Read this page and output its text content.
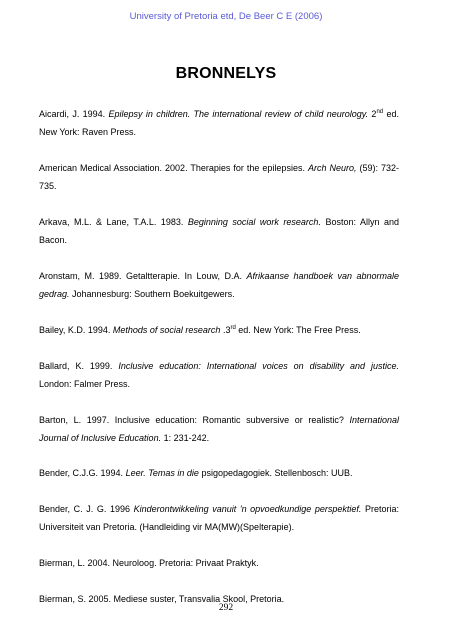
University of Pretoria etd, De Beer C E (2006)
BRONNELYS
Aicardi, J. 1994. Epilepsy in children. The international review of child neurology. 2nd ed. New York: Raven Press.
American Medical Association. 2002. Therapies for the epilepsies. Arch Neuro, (59): 732-735.
Arkava, M.L. & Lane, T.A.L. 1983. Beginning social work research. Boston: Allyn and Bacon.
Aronstam, M. 1989. Getaltterapie. In Louw, D.A. Afrikaanse handboek van abnormale gedrag. Johannesburg: Southern Boekuitgewers.
Bailey, K.D. 1994. Methods of social research .3rd ed. New York: The Free Press.
Ballard, K. 1999. Inclusive education: International voices on disability and justice. London: Falmer Press.
Barton, L. 1997. Inclusive education: Romantic subversive or realistic? International Journal of Inclusive Education. 1: 231-242.
Bender, C.J.G. 1994. Leer. Temas in die psigopedagogiek. Stellenbosch: UUB.
Bender, C. J. G. 1996 Kinderontwikkeling vanuit 'n opvoedkundige perspektief. Pretoria: Universiteit van Pretoria. (Handleiding vir MA(MW)(Spelterapie).
Bierman, L. 2004. Neuroloog. Pretoria: Privaat Praktyk.
Bierman, S. 2005. Mediese suster, Transvalia Skool, Pretoria.
292
